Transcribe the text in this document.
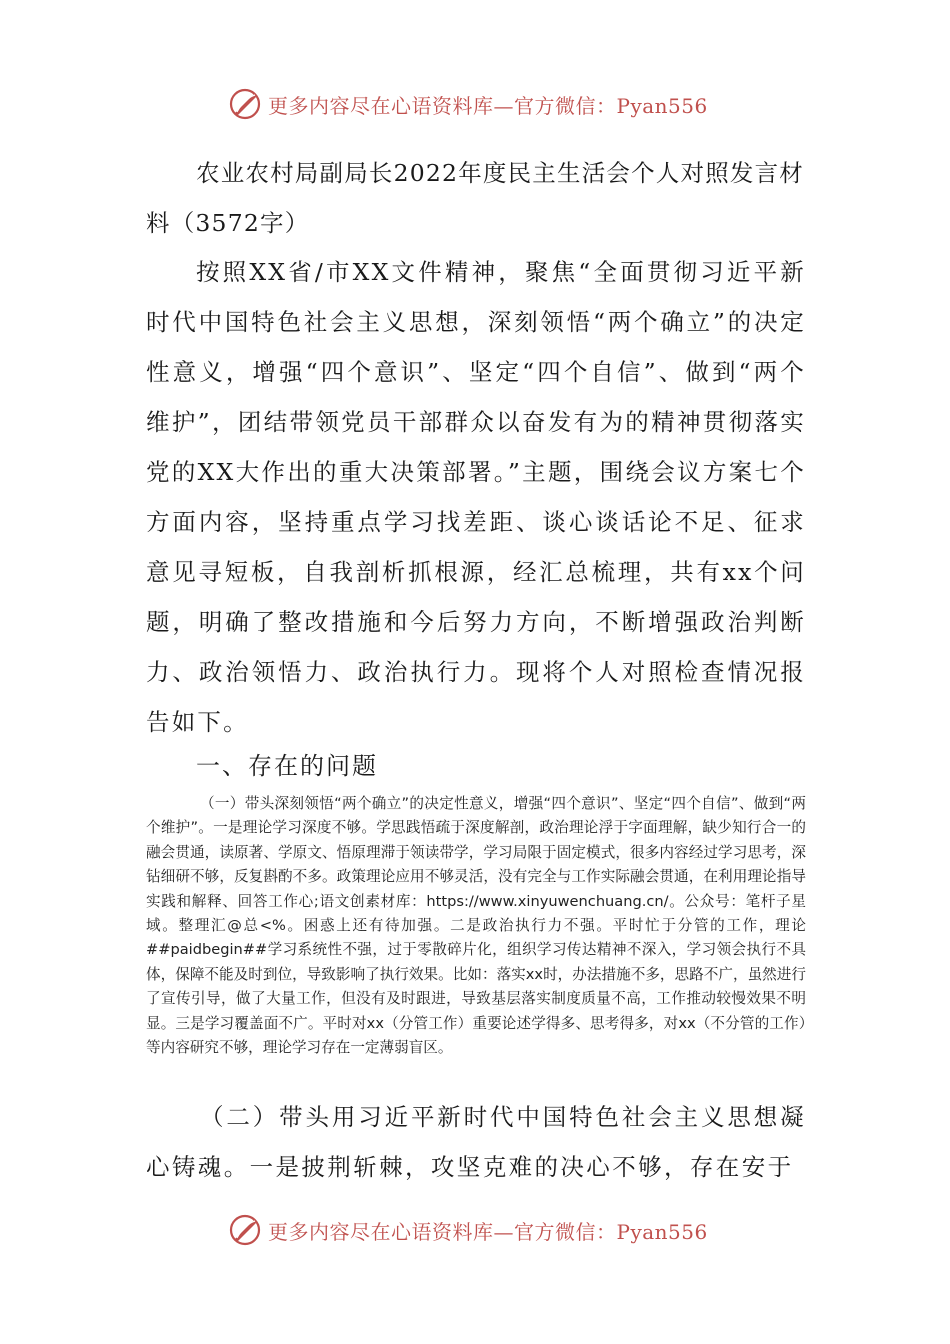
更多内容尽在心语资料库—官方微信：Pyan556
农业农村局副局长2022年度民主生活会个人对照发言材料（3572字）

按照XX省/市XX文件精神，聚焦“全面贯彻习近平新时代中国特色社会主义思想，深刻领悟“两个确立”的决定性意义，增强“四个意识”、坚定“四个自信”、做到“两个维护”，团结带领党员干部群众以奋发有为的精神贯彻落实党的XX大作出的重大决策部署。”主题，围绕会议方案七个方面内容，坚持重点学习找差距、谈心谈话论不足、征求意见寻短板，自我剖析抓根源，经汇总梳理，共有xx个问题，明确了整改措施和今后努力方向，不断增强政治判断力、政治领悟力、政治执行力。现将个人对照检查情况报告如下。

一、存在的问题

（一）带头深刻领悟“两个确立”的决定性意义，增强“四个意识”、坚定“四个自信”、做到“两个维护”。一是理论学习深度不够。学思践悟疏于深度解剖，政治理论浮于字面理解，缺少知行合一的融会贯通，读原著、学原文、悟原理滞于领读带学，学习局限于固定模式，很多内容经过学习思考，深钻细研不够，反复斟酌不多。政策理论应用不够灵活，没有完全与工作实际融会贯通，在利用理论指导实践和解释、回答工作心;语文创素材库：https://www.xinyuwenchuang.cn/。公众号：笔杆子星域。整理汇@总<%。困惑上还有待加强。二是政治执行力不强。平时忙于分管的工作，理论##paidbegin##学习系统性不强，过于零散碎片化，组织学习传达精神不深入，学习领会执行不具体，保障不能及时到位，导致影响了执行效果。比如：落实xx时，办法措施不多，思路不广，虽然进行了宣传引导，做了大量工作，但没有及时跟进，导致基层落实制度质量不高，工作推动较慢效果不明显。三是学习覆盖面不广。平时对xx（分管工作）重要论述学得多、思考得多，对xx（不分管的工作）等内容研究不够，理论学习存在一定薄弱盲区。

（二）带头用习近平新时代中国特色社会主义思想凝心铸魂。一是披荆斩棘，攻坚克难的决心不够，存在安于

更多内容尽在心语资料库—官方微信：Pyan556
